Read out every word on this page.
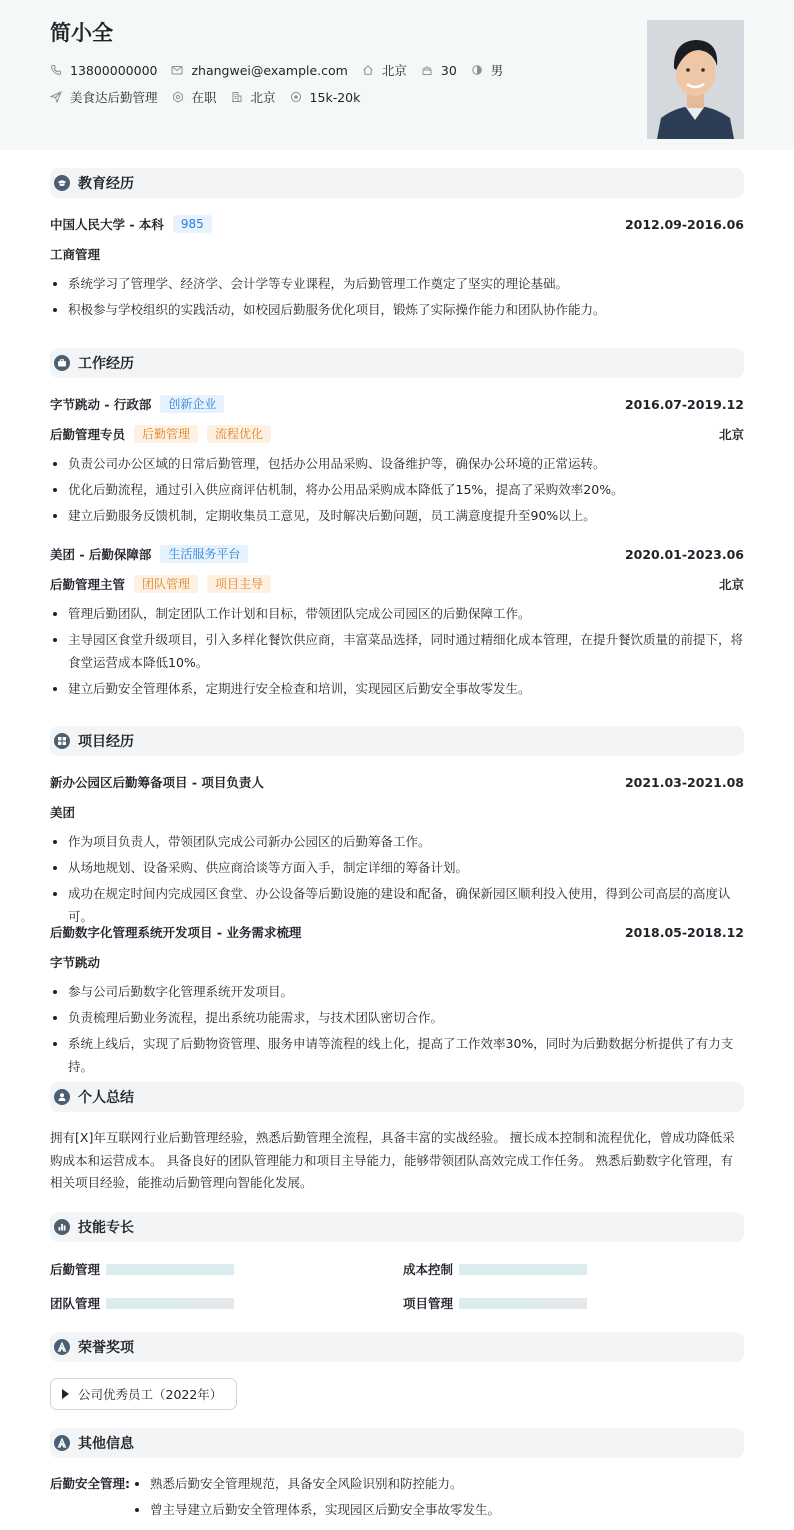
简小全
13800000000	zhangwei@example.com	北京	30	男
美食达后勤管理	在职	北京	15k-20k
教育经历
中国人民大学 - 本科	985	2012.09-2016.06
工商管理
系统学习了管理学、经济学、会计学等专业课程，为后勤管理工作奠定了坚实的理论基础。
积极参与学校组织的实践活动，如校园后勤服务优化项目，锻炼了实际操作能力和团队协作能力。
工作经历
字节跳动 - 行政部	创新企业	2016.07-2019.12
后勤管理专员	后勤管理	流程优化	北京
负责公司办公区域的日常后勤管理，包括办公用品采购、设备维护等，确保办公环境的正常运转。
优化后勤流程，通过引入供应商评估机制，将办公用品采购成本降低了15%，提高了采购效率20%。
建立后勤服务反馈机制，定期收集员工意见，及时解决后勤问题，员工满意度提升至90%以上。
美团 - 后勤保障部	生活服务平台	2020.01-2023.06
后勤管理主管	团队管理	项目主导	北京
管理后勤团队，制定团队工作计划和目标，带领团队完成公司园区的后勤保障工作。
主导园区食堂升级项目，引入多样化餐饮供应商，丰富菜品选择，同时通过精细化成本管理，在提升餐饮质量的前提下，将食堂运营成本降低10%。
建立后勤安全管理体系，定期进行安全检查和培训，实现园区后勤安全事故零发生。
项目经历
新办公园区后勤筹备项目 - 项目负责人	2021.03-2021.08
美团
作为项目负责人，带领团队完成公司新办公园区的后勤筹备工作。
从场地规划、设备采购、供应商洽谈等方面入手，制定详细的筹备计划。
成功在规定时间内完成园区食堂、办公设备等后勤设施的建设和配备，确保新园区顺利投入使用，得到公司高层的高度认可。
后勤数字化管理系统开发项目 - 业务需求梳理	2018.05-2018.12
字节跳动
参与公司后勤数字化管理系统开发项目。
负责梳理后勤业务流程，提出系统功能需求，与技术团队密切合作。
系统上线后，实现了后勤物资管理、服务申请等流程的线上化，提高了工作效率30%，同时为后勤数据分析提供了有力支持。
个人总结
拥有[X]年互联网行业后勤管理经验，熟悉后勤管理全流程，具备丰富的实战经验。 擅长成本控制和流程优化，曾成功降低采购成本和运营成本。 具备良好的团队管理能力和项目主导能力，能够带领团队高效完成工作任务。 熟悉后勤数字化管理，有相关项目经验，能推动后勤管理向智能化发展。
技能专长
后勤管理	成本控制
团队管理	项目管理
荣誉奖项
公司优秀员工（2022年）
其他信息
后勤安全管理:	熟悉后勤安全管理规范，具备安全风险识别和防控能力。
曾主导建立后勤安全管理体系，实现园区后勤安全事故零发生。
